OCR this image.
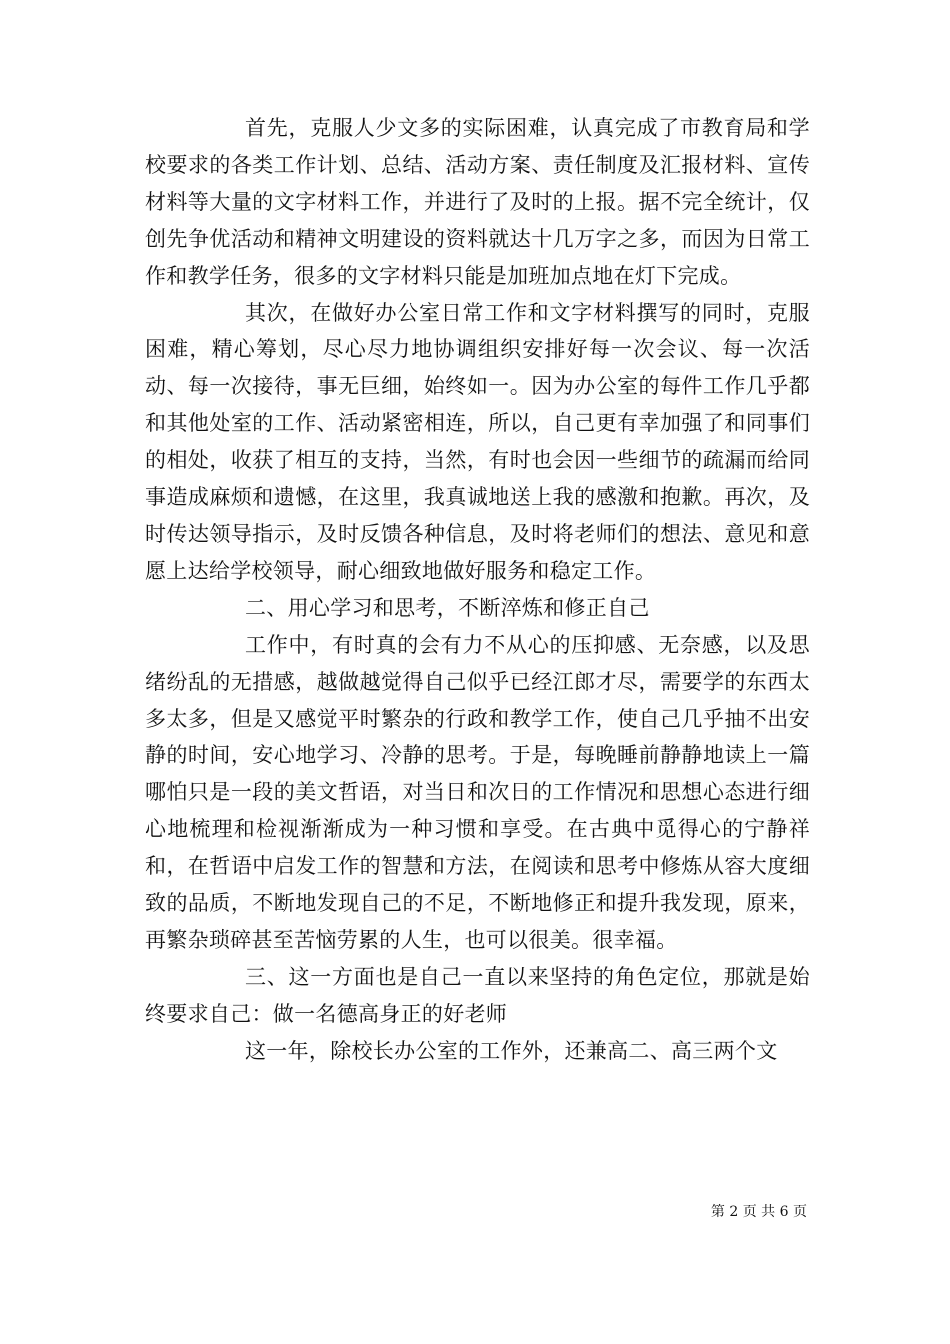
首先，克服人少文多的实际困难，认真完成了市教育局和学校要求的各类工作计划、总结、活动方案、责任制度及汇报材料、宣传材料等大量的文字材料工作，并进行了及时的上报。据不完全统计，仅创先争优活动和精神文明建设的资料就达十几万字之多，而因为日常工作和教学任务，很多的文字材料只能是加班加点地在灯下完成。

其次，在做好办公室日常工作和文字材料撰写的同时，克服困难，精心筹划，尽心尽力地协调组织安排好每一次会议、每一次活动、每一次接待，事无巨细，始终如一。因为办公室的每件工作几乎都和其他处室的工作、活动紧密相连，所以，自己更有幸加强了和同事们的相处，收获了相互的支持，当然，有时也会因一些细节的疏漏而给同事造成麻烦和遗憾，在这里，我真诚地送上我的感激和抱歉。再次，及时传达领导指示，及时反馈各种信息，及时将老师们的想法、意见和意愿上达给学校领导，耐心细致地做好服务和稳定工作。

二、用心学习和思考，不断淬炼和修正自己

工作中，有时真的会有力不从心的压抑感、无奈感，以及思绪纷乱的无措感，越做越觉得自己似乎已经江郎才尽，需要学的东西太多太多，但是又感觉平时繁杂的行政和教学工作，使自己几乎抽不出安静的时间，安心地学习、冷静的思考。于是，每晚睡前静静地读上一篇哪怕只是一段的美文哲语，对当日和次日的工作情况和思想心态进行细心地梳理和检视渐渐成为一种习惯和享受。在古典中觅得心的宁静祥和，在哲语中启发工作的智慧和方法，在阅读和思考中修炼从容大度细致的品质，不断地发现自己的不足，不断地修正和提升我发现，原来，再繁杂琐碎甚至苦恼劳累的人生，也可以很美。很幸福。

三、这一方面也是自己一直以来坚持的角色定位，那就是始终要求自己：做一名德高身正的好老师

这一年，除校长办公室的工作外，还兼高二、高三两个文

第 2 页 共 6 页
